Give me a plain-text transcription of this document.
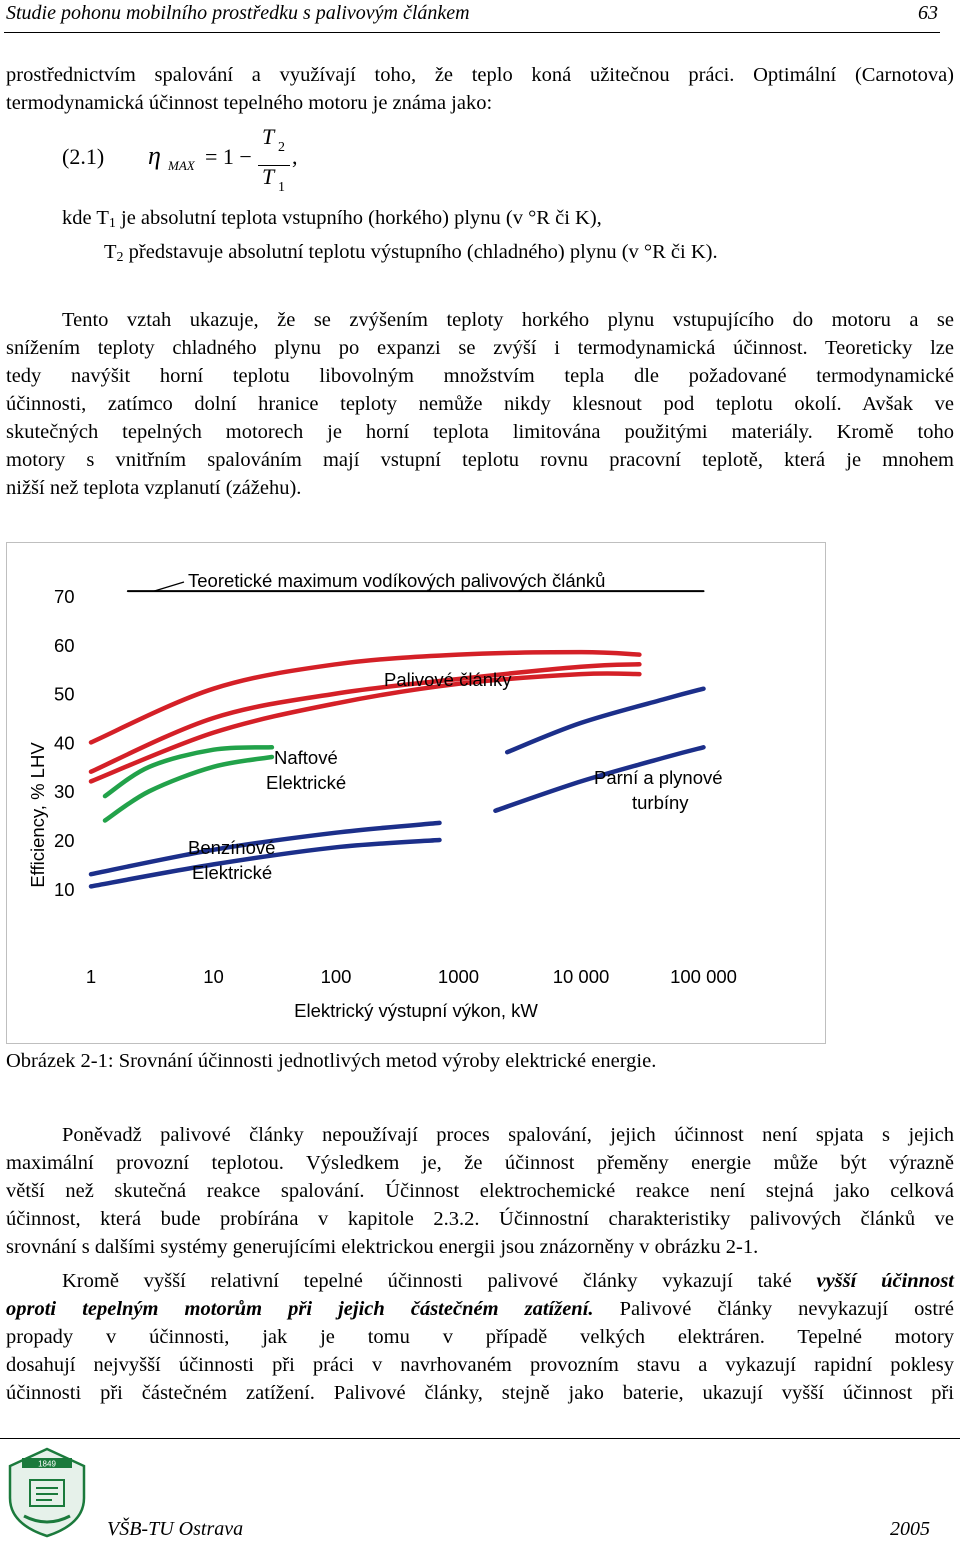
Studie pohonu mobilního prostředku s palivovým článkem	63
prostřednictvím spalování a využívají toho, že teplo koná užitečnou práci. Optimální (Carnotova)
termodynamická účinnost tepelného motoru je známa jako:
(2.1) η MAX = 1 −
T 2
T 1
,
kde $T_1$ je absolutní teplota vstupního (horkého) plynu (v °R či K),
$T_2$ představuje absolutní teplotu výstupního (chladného) plynu (v °R či K).
Tento vztah ukazuje, že se zvýšením teploty horkého plynu vstupujícího do motoru a se
snížením teploty chladného plynu po expanzi se zvýší i termodynamická účinnost. Teoreticky lze
tedy navýšit horní teplotu libovolným množstvím tepla dle požadované termodynamické
účinnosti, zatímco dolní hranice teploty nemůže nikdy klesnout pod teplotu okolí. Avšak ve
skutečných tepelných motorech je horní teplota limitována použitými materiály. Kromě toho
motory s vnitřním spalováním mají vstupní teplotu rovnu pracovní teplotě, která je mnohem
nižší než teplota vzplanutí (zážehu).
70
60
50
40
30
20
10
1	10	100	1000	10 000	100 000
Teoretické maximum vodíkových palivových článků
Efficiency, % LHV
Elektrický výstupní výkon, kW
Palivové články
Naftové
Elektrické	Parní a plynové
turbíny
Benzínové
Elektrické
Obrázek 2-1: Srovnání účinnosti jednotlivých metod výroby elektrické energie.
Poněvadž palivové články nepoužívají proces spalování, jejich účinnost není spjata s jejich
maximální provozní teplotou. Výsledkem je, že účinnost přeměny energie může být výrazně
větší než skutečná reakce spalování. Účinnost elektrochemické reakce není stejná jako celková
účinnost, která bude probírána v kapitole 2.3.2. Účinnostní charakteristiky palivových článků ve
srovnání s dalšími systémy generujícími elektrickou energii jsou znázorněny v obrázku 2-1.
Kromě vyšší relativní tepelné účinnosti palivové články vykazují také vyšší účinnost
oproti tepelným motorům při jejich částečném zatížení. Palivové články nevykazují ostré
propady v účinnosti, jak je tomu v případě velkých elektráren. Tepelné motory
dosahují nejvyšší účinnosti při práci v navrhovaném provozním stavu a vykazují rapidní poklesy
účinnosti při částečném zatížení. Palivové články, stejně jako baterie, ukazují vyšší účinnost při
1849
VŠB-TU Ostrava	2005
